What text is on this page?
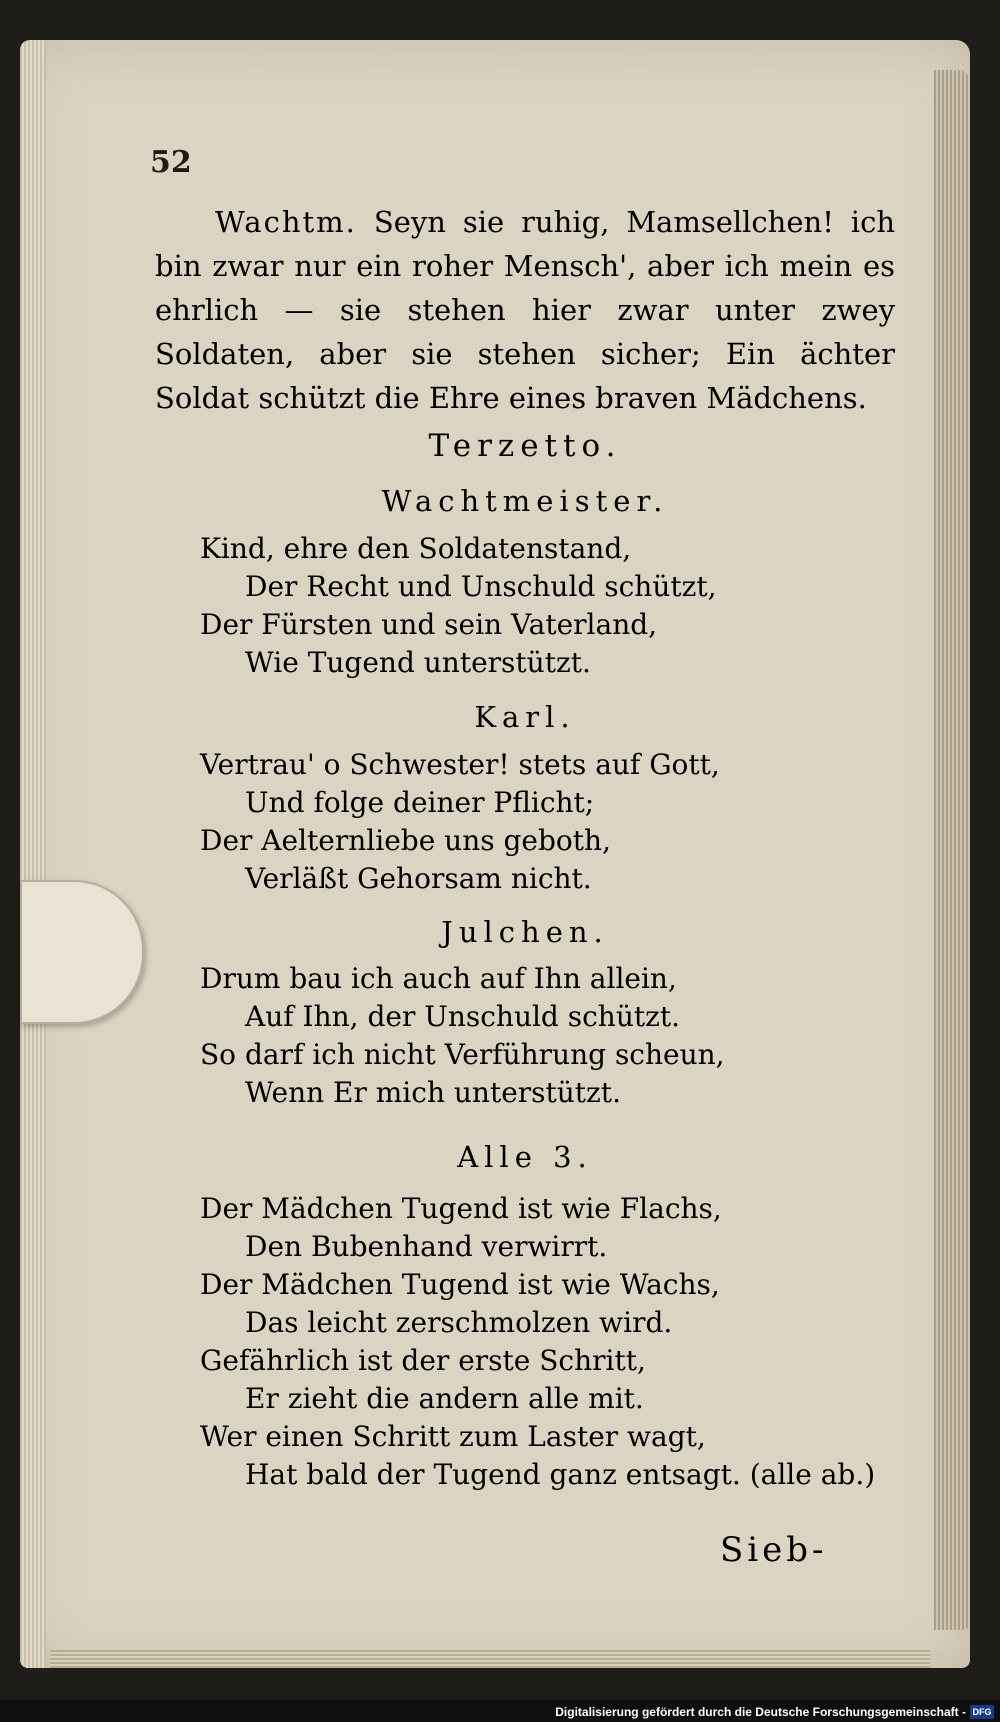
52

Wachtm. Seyn sie ruhig, Mamsellchen! ich bin zwar nur ein roher Mensch', aber ich mein es ehrlich — sie stehen hier zwar unter zwey Soldaten, aber sie stehen sicher; Ein ächter Soldat schützt die Ehre eines braven Mädchens.

Terzetto.
Wachtmeister.
Kind, ehre den Soldatenstand,
Der Recht und Unschuld schützt,
Der Fürsten und sein Vaterland,
Wie Tugend unterstützt.
Karl.
Vertrau' o Schwester! stets auf Gott,
Und folge deiner Pflicht;
Der Aelternliebe uns geboth,
Verläßt Gehorsam nicht.
Julchen.
Drum bau ich auch auf Ihn allein,
Auf Ihn, der Unschuld schützt.
So darf ich nicht Verführung scheun,
Wenn Er mich unterstützt.
Alle 3.
Der Mädchen Tugend ist wie Flachs,
Den Bubenhand verwirrt.
Der Mädchen Tugend ist wie Wachs,
Das leicht zerschmolzen wird.
Gefährlich ist der erste Schritt,
Er zieht die andern alle mit.
Wer einen Schritt zum Laster wagt,
Hat bald der Tugend ganz entsagt. (alle ab.)
Sieb-
Digitalisierung gefördert durch die Deutsche Forschungsgemeinschaft - DFG
